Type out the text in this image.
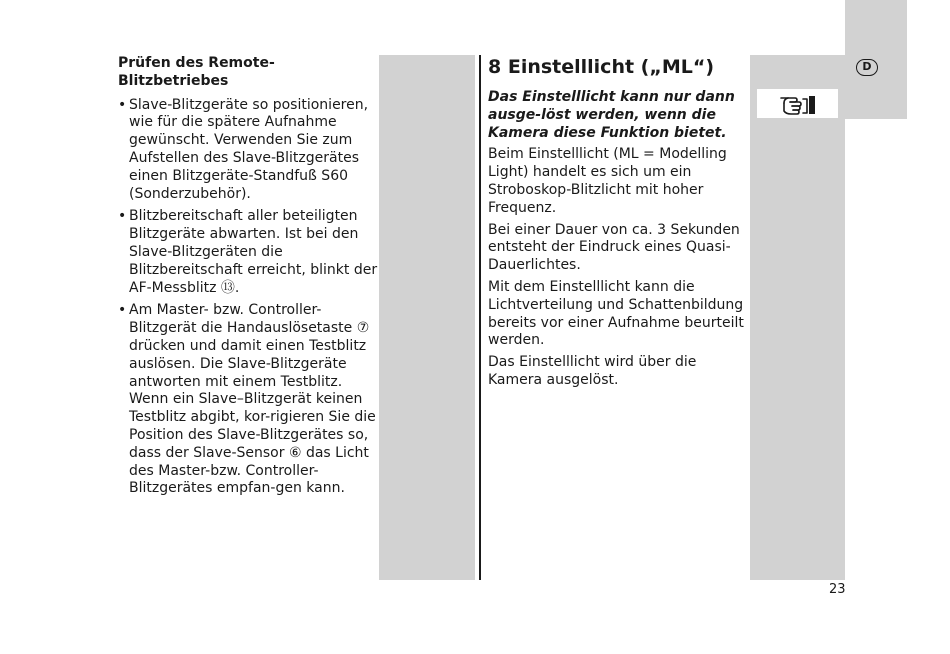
Prüfen des Remote-Blitzbetriebes
• Slave-Blitzgeräte so positionieren, wie für die spätere Aufnahme gewünscht. Verwenden Sie zum Aufstellen des Slave-Blitzgerätes einen Blitzgeräte-Standfuß S60 (Sonderzubehör).
• Blitzbereitschaft aller beteiligten Blitzgeräte abwarten. Ist bei den Slave-Blitzgeräten die Blitzbereitschaft erreicht, blinkt der AF-Messblitz ⑬.
• Am Master- bzw. Controller-Blitzgerät die Handauslösetaste ⑦ drücken und damit einen Testblitz auslösen. Die Slave-Blitzgeräte antworten mit einem Testblitz. Wenn ein Slave–Blitzgerät keinen Testblitz abgibt, kor-rigieren Sie die Position des Slave-Blitzgerätes so, dass der Slave-Sensor ⑥ das Licht des Master-bzw. Controller-Blitzgerätes empfan-gen kann.
8 Einstelllicht („ML“)

Das Einstelllicht kann nur dann ausge-löst werden, wenn die Kamera diese Funktion bietet.

Beim Einstelllicht (ML = Modelling Light) handelt es sich um ein Stroboskop-Blitzlicht mit hoher Frequenz.

Bei einer Dauer von ca. 3 Sekunden entsteht der Eindruck eines Quasi-Dauerlichtes.

Mit dem Einstelllicht kann die Lichtverteilung und Schattenbildung bereits vor einer Aufnahme beurteilt werden.

Das Einstelllicht wird über die Kamera ausgelöst.

D
23
